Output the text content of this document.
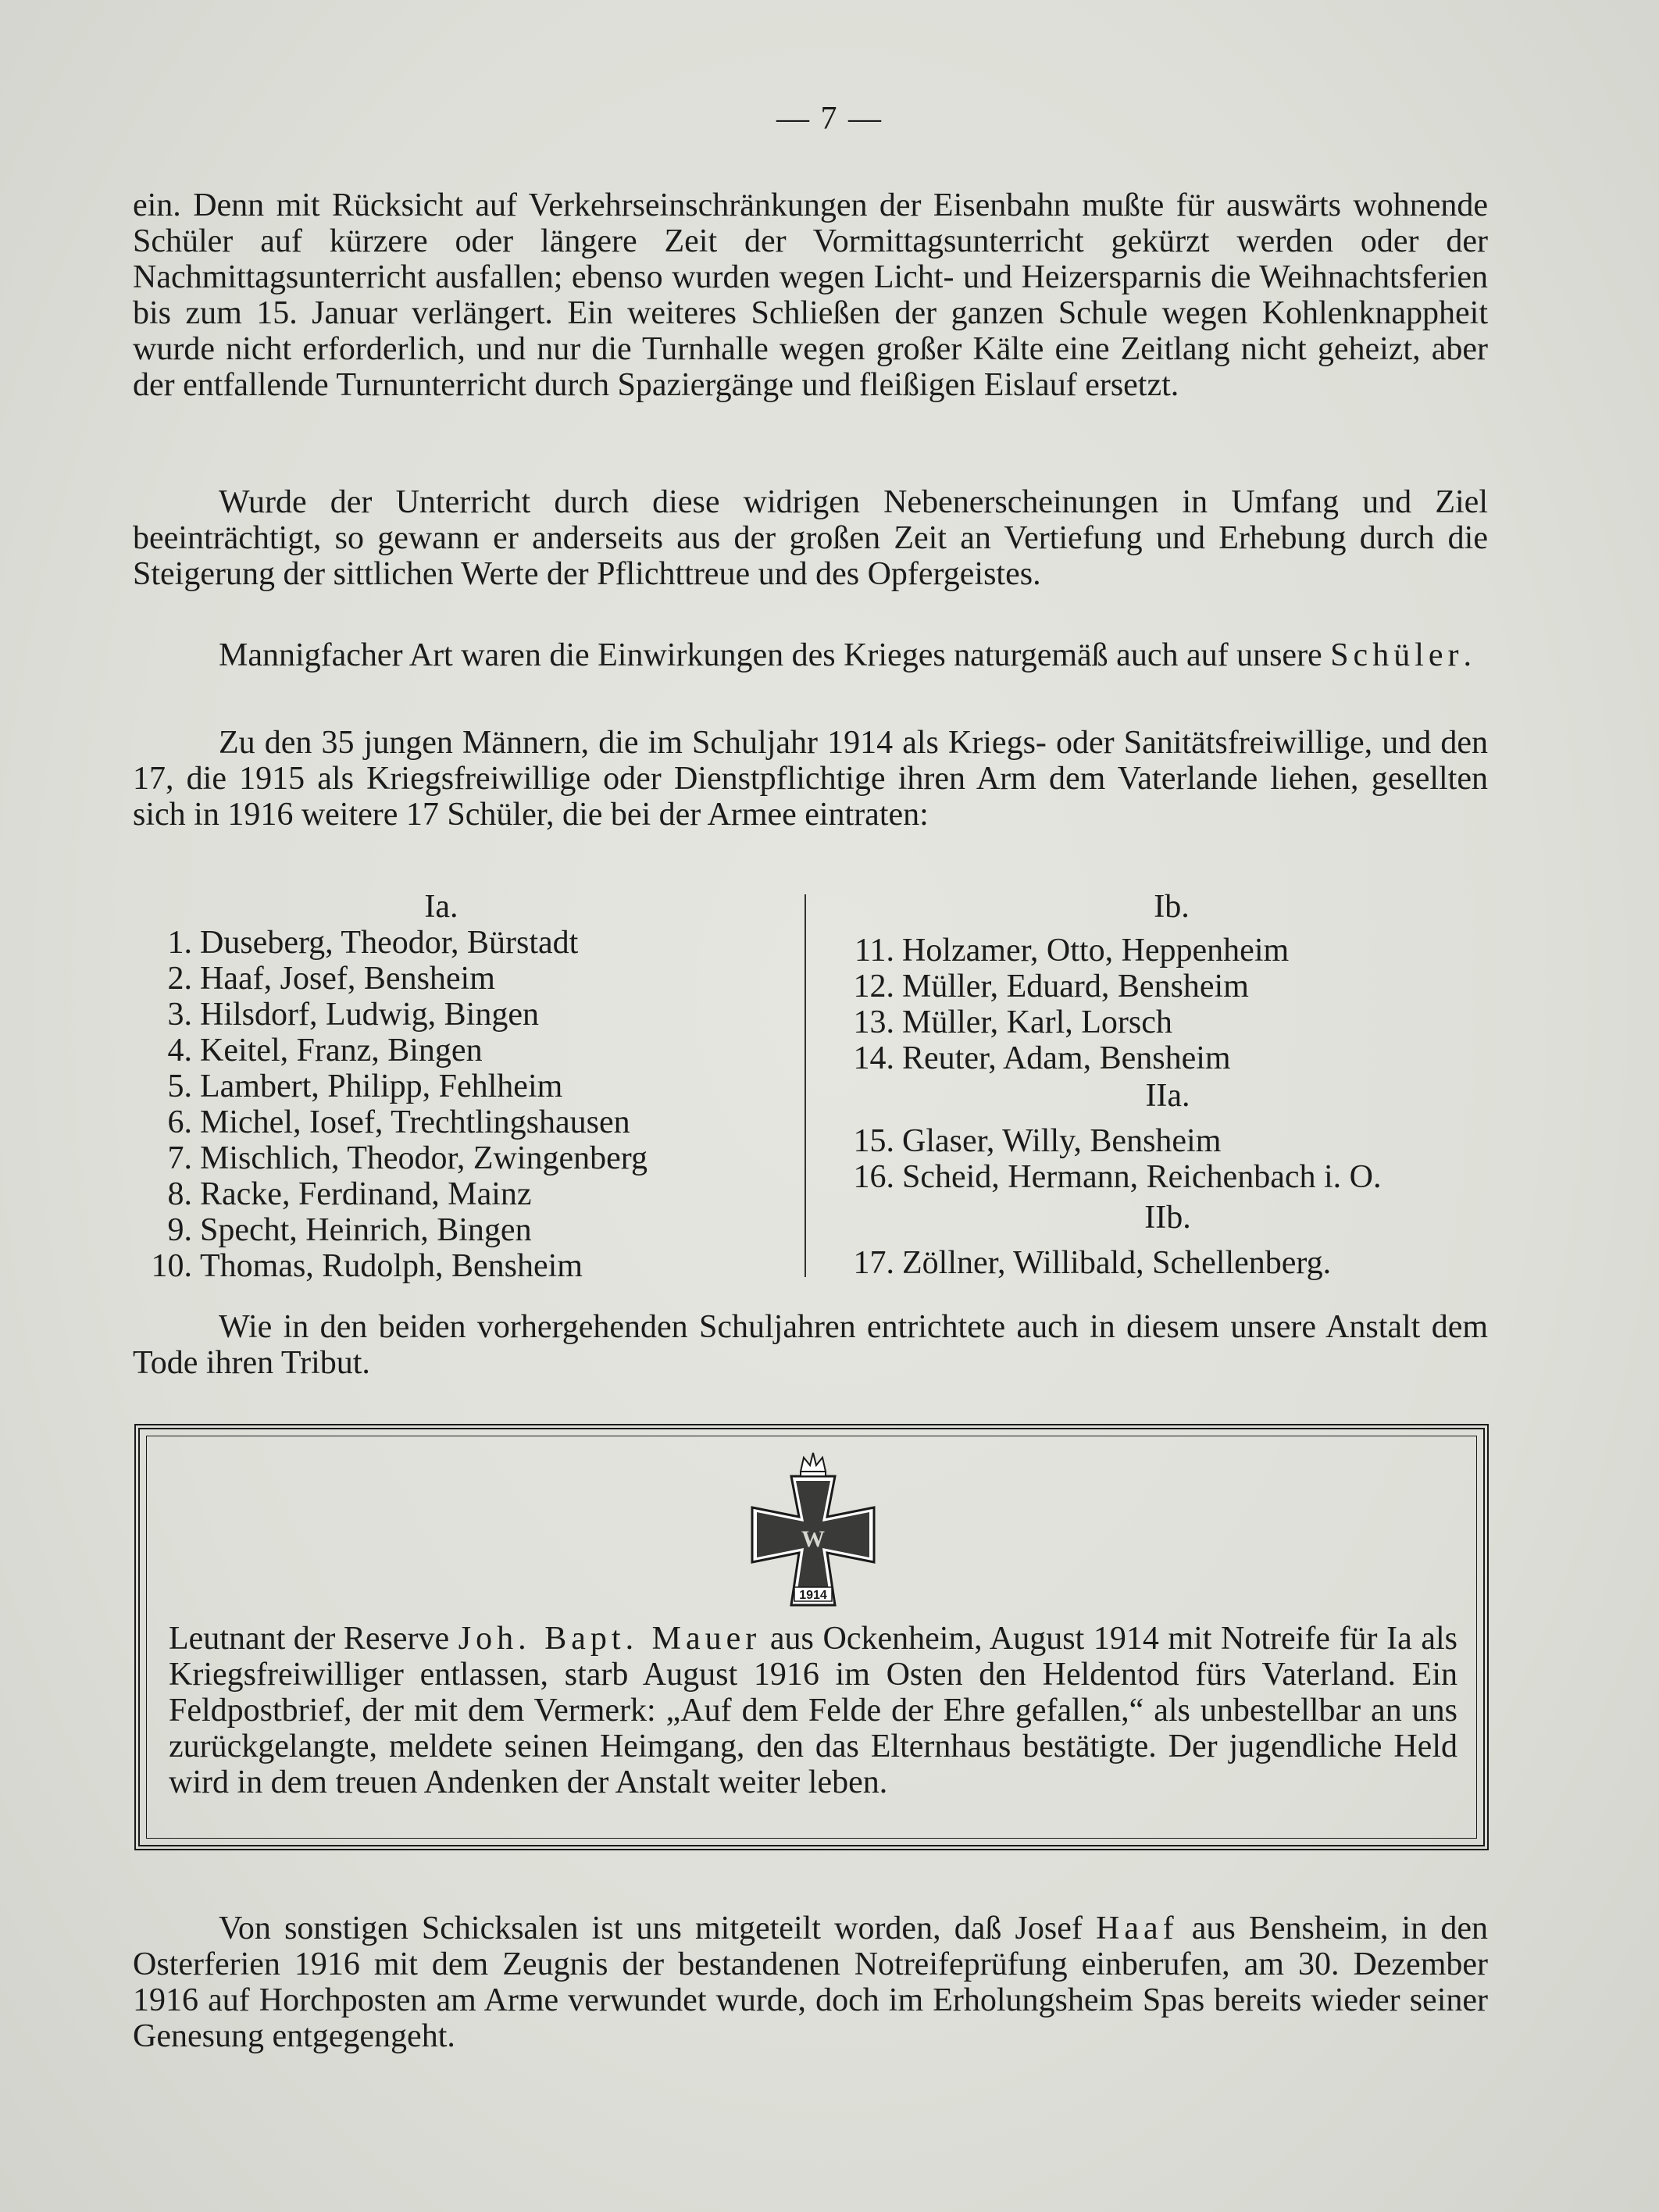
— 7 —

ein. Denn mit Rücksicht auf Verkehrseinschränkungen der Eisenbahn mußte für auswärts wohnende Schüler auf kürzere oder längere Zeit der Vormittagsunterricht gekürzt werden oder der Nachmittagsunterricht ausfallen; ebenso wurden wegen Licht- und Heizersparnis die Weihnachtsferien bis zum 15. Januar verlängert. Ein weiteres Schließen der ganzen Schule wegen Kohlenknappheit wurde nicht erforderlich, und nur die Turnhalle wegen großer Kälte eine Zeitlang nicht geheizt, aber der entfallende Turnunterricht durch Spaziergänge und fleißigen Eislauf ersetzt.

Wurde der Unterricht durch diese widrigen Nebenerscheinungen in Umfang und Ziel beeinträchtigt, so gewann er anderseits aus der großen Zeit an Vertiefung und Erhebung durch die Steigerung der sittlichen Werte der Pflichttreue und des Opfergeistes.

Mannigfacher Art waren die Einwirkungen des Krieges naturgemäß auch auf unsere Schüler.

Zu den 35 jungen Männern, die im Schuljahr 1914 als Kriegs- oder Sanitätsfreiwillige, und den 17, die 1915 als Kriegsfreiwillige oder Dienstpflichtige ihren Arm dem Vaterlande liehen, gesellten sich in 1916 weitere 17 Schüler, die bei der Armee eintraten:

Ia.
1. Duseberg, Theodor, Bürstadt
2. Haaf, Josef, Bensheim
3. Hilsdorf, Ludwig, Bingen
4. Keitel, Franz, Bingen
5. Lambert, Philipp, Fehlheim
6. Michel, Iosef, Trechtlingshausen
7. Mischlich, Theodor, Zwingenberg
8. Racke, Ferdinand, Mainz
9. Specht, Heinrich, Bingen
10. Thomas, Rudolph, Bensheim
Ib.
11. Holzamer, Otto, Heppenheim
12. Müller, Eduard, Bensheim
13. Müller, Karl, Lorsch
14. Reuter, Adam, Bensheim
IIa.
15. Glaser, Willy, Bensheim
16. Scheid, Hermann, Reichenbach i. O.
IIb.
17. Zöllner, Willibald, Schellenberg.

Wie in den beiden vorhergehenden Schuljahren entrichtete auch in diesem unsere Anstalt dem Tode ihren Tribut.

W
1914

Leutnant der Reserve Joh. Bapt. Mauer aus Ockenheim, August 1914 mit Notreife für Ia als Kriegsfreiwilliger entlassen, starb August 1916 im Osten den Heldentod fürs Vaterland. Ein Feldpostbrief, der mit dem Vermerk: „Auf dem Felde der Ehre gefallen,“ als unbestellbar an uns zurückgelangte, meldete seinen Heimgang, den das Elternhaus bestätigte. Der jugendliche Held wird in dem treuen Andenken der Anstalt weiter leben.

Von sonstigen Schicksalen ist uns mitgeteilt worden, daß Josef Haaf aus Bensheim, in den Osterferien 1916 mit dem Zeugnis der bestandenen Notreifeprüfung einberufen, am 30. Dezember 1916 auf Horchposten am Arme verwundet wurde, doch im Erholungsheim Spas bereits wieder seiner Genesung entgegengeht.
